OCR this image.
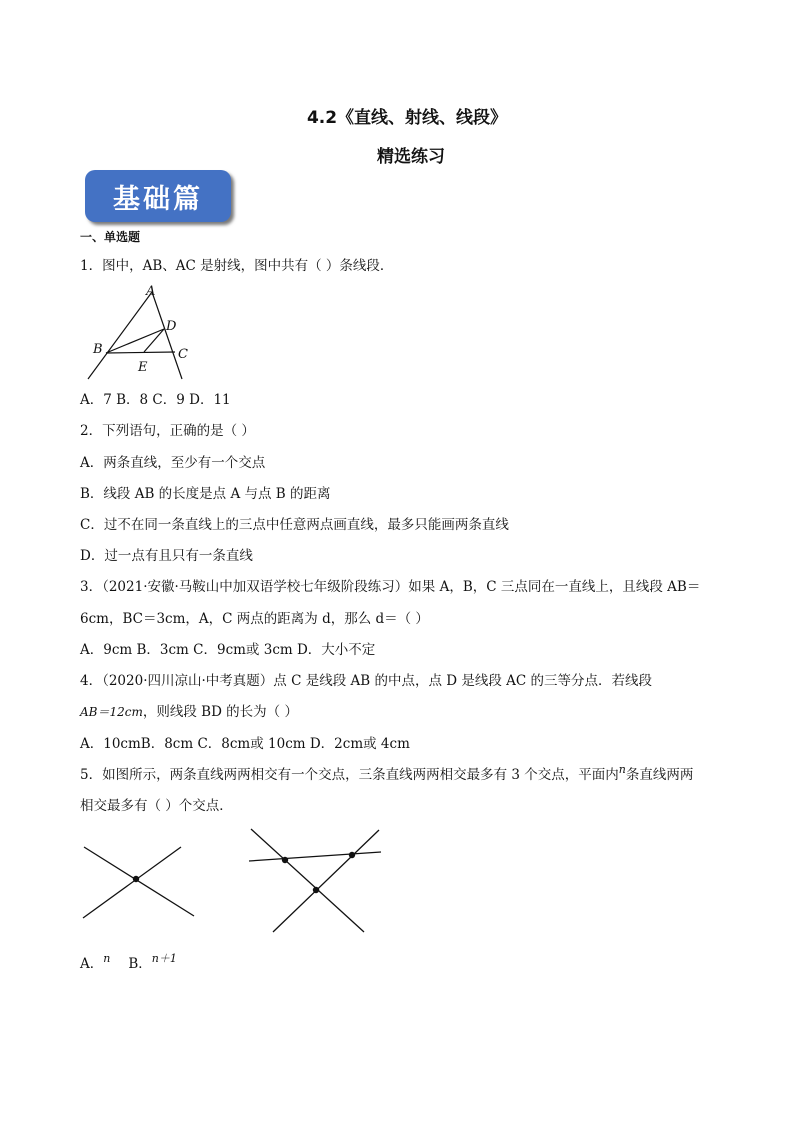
4.2《直线、射线、线段》
精选练习
基础篇
一、单选题
1．图中，AB、AC 是射线，图中共有（ ）条线段．
A
B
D
C
E
A．7 B．8 C．9 D．11
2．下列语句，正确的是（ ）
A．两条直线，至少有一个交点
B．线段 AB 的长度是点 A 与点 B 的距离
C．过不在同一条直线上的三点中任意两点画直线，最多只能画两条直线
D．过一点有且只有一条直线
3．（2021·安徽·马鞍山中加双语学校七年级阶段练习）如果 A，B，C 三点同在一直线上，且线段 AB＝
6cm，BC＝3cm，A，C 两点的距离为 d，那么 d＝（ ）
A．9cm B．3cm C．9cm或 3cm D．大小不定
4．（2020·四川凉山·中考真题）点 C 是线段 AB 的中点，点 D 是线段 AC 的三等分点．若线段
AB＝12cm，则线段 BD 的长为（ ）
A．10cmB．8cm C．8cm或 10cm D．2cm或 4cm
5．如图所示，两条直线两两相交有一个交点，三条直线两两相交最多有 3 个交点，平面内$^n$条直线两两
相交最多有（ ）个交点．
A．$^n$ B．$^{n+1}$
